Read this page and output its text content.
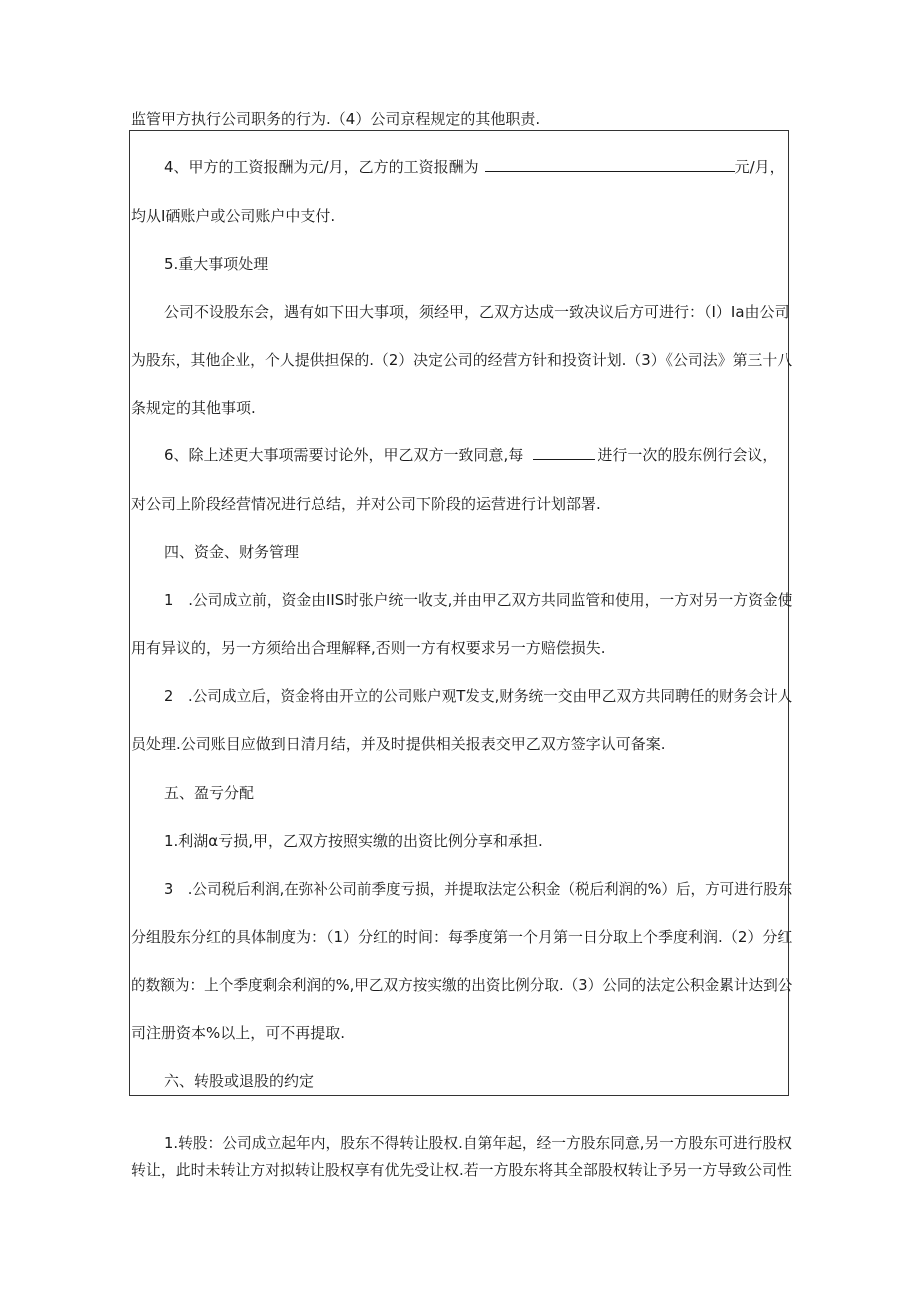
监管甲方执行公司职务的行为.（4）公司京程规定的其他职责.
4、甲方的工资报酬为元/月，乙方的工资报酬为	元/月，
均从I硒账户或公司账户中支付.
5.重大事项处理
公司不设股东会，遇有如下田大事项，须经甲，乙双方达成一致决议后方可进行：（I）Ia由公司
为股东，其他企业，个人提供担保的.（2）决定公司的经营方针和投资计划.（3）《公司法》第三十八
条规定的其他事项.
6、除上述更大事项需要讨论外，甲乙双方一致同意,每	进行一次的股东例行会议，
对公司上阶段经营情况进行总结，并对公司下阶段的运营进行计划部署.
四、资金、财务管理
1　.公司成立前，资金由IIS时张户统一收支,并由甲乙双方共同监管和使用，一方对另一方资金使
用有异议的，另一方须给出合理解释,否则一方有权要求另一方赔偿损失.
2　.公司成立后，资金将由开立的公司账户观T发支,财务统一交由甲乙双方共同聘任的财务会计人
员处理.公司账目应做到日清月结，并及时提供相关报表交甲乙双方签字认可备案.
五、盈亏分配
1.利湖α亏损,甲，乙双方按照实缴的出资比例分享和承担.
3　.公司税后利润,在弥补公司前季度亏损，并提取法定公积金（税后利润的%）后，方可进行股东
分组股东分红的具体制度为：（1）分红的时间：每季度第一个月第一日分取上个季度利润.（2）分红
的数额为：上个季度剩余利润的%,甲乙双方按实缴的出资比例分取.（3）公同的法定公积金累计达到公
司注册资本%以上，可不再提取.
六、转股或退股的约定
1.转股：公司成立起年内，股东不得转让股权.自第年起，经一方股东同意,另一方股东可进行股权
转让，此时未转让方对拟转让股权享有优先受让权.若一方股东将其全部股权转让予另一方导致公司性
